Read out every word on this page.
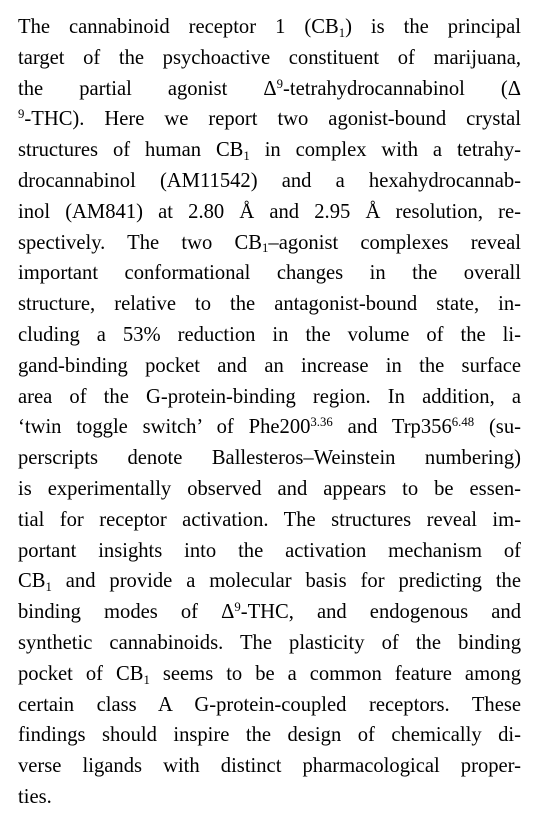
The cannabinoid receptor 1 $(CB_1)$ is the principal
target of the psychoactive constituent of marijuana,
the partial agonist $\Delta^9$-tetrahydrocannabinol (Δ
$^9$-THC). Here we report two agonist-bound crystal
structures of human $CB_1$ in complex with a tetrahy-
drocannabinol (AM11542) and a hexahydrocannab-
inol (AM841) at 2.80 Å and 2.95 Å resolution, re-
spectively. The two $CB_1$–agonist complexes reveal
important conformational changes in the overall
structure, relative to the antagonist-bound state, in-
cluding a 53% reduction in the volume of the li-
gand-binding pocket and an increase in the surface
area of the G-protein-binding region. In addition, a
‘twin toggle switch’ of $Phe200^{3.36}$ and $Trp356^{6.48}$ (su-
perscripts denote Ballesteros–Weinstein numbering)
is experimentally observed and appears to be essen-
tial for receptor activation. The structures reveal im-
portant insights into the activation mechanism of
$CB_1$ and provide a molecular basis for predicting the
binding modes of $\Delta^9$-THC, and endogenous and
synthetic cannabinoids. The plasticity of the binding
pocket of $CB_1$ seems to be a common feature among
certain class A G-protein-coupled receptors. These
findings should inspire the design of chemically di-
verse ligands with distinct pharmacological proper-
ties.
